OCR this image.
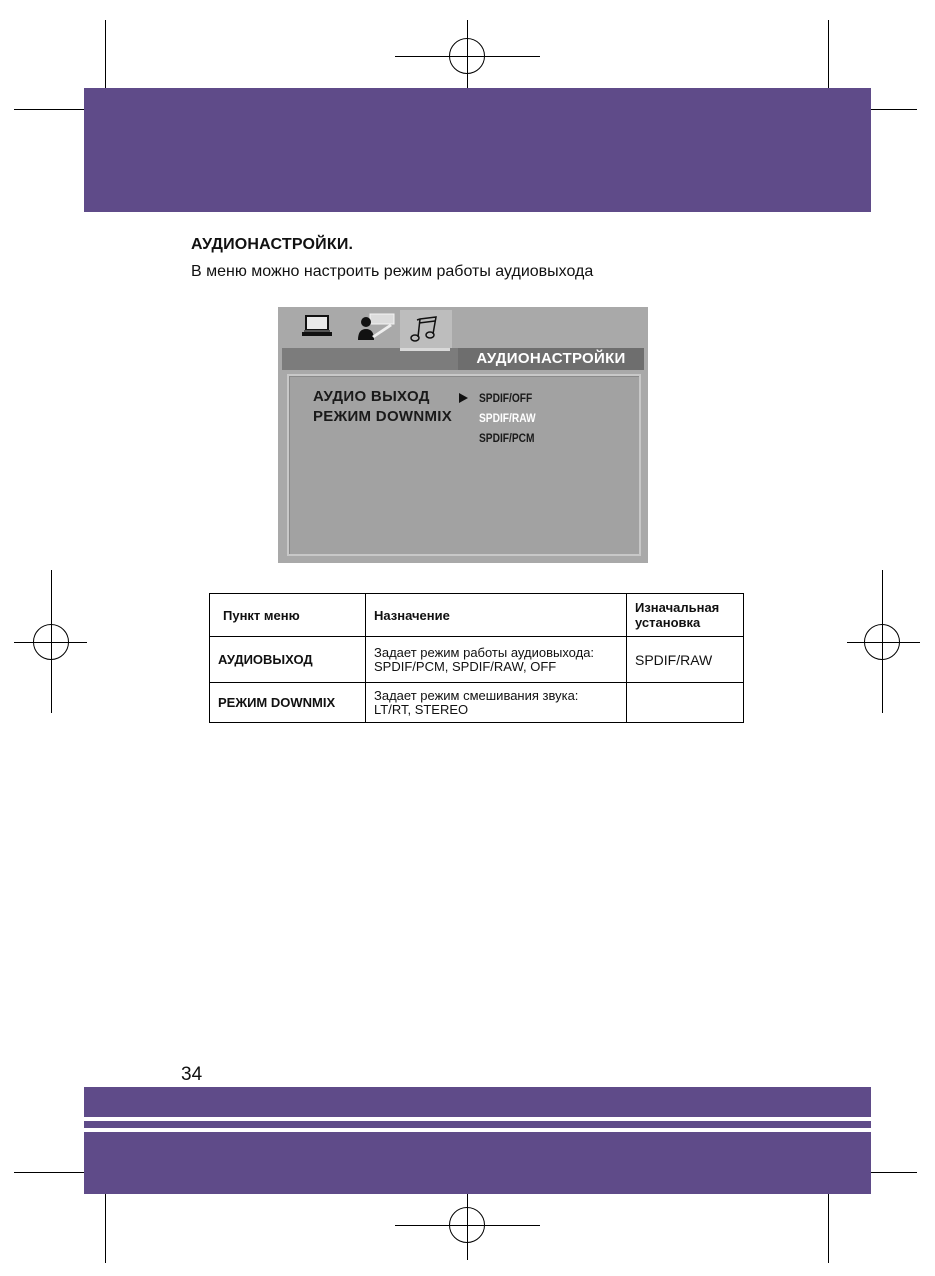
АУДИОНАСТРОЙКИ.
В меню можно настроить режим работы аудиовыхода
АУДИОНАСТРОЙКИ
АУДИО ВЫХОД
РЕЖИМ DOWNMIX
SPDIF/OFF
SPDIF/RAW
SPDIF/PCM
Пункт меню	Назначение	Изначальная установка
АУДИОВЫХОД	Задает режим работы аудиовыхода:
SPDIF/PCM, SPDIF/RAW, OFF	SPDIF/RAW
РЕЖИМ DOWNMIX	Задает режим смешивания звука:
LT/RT, STEREO	
34
